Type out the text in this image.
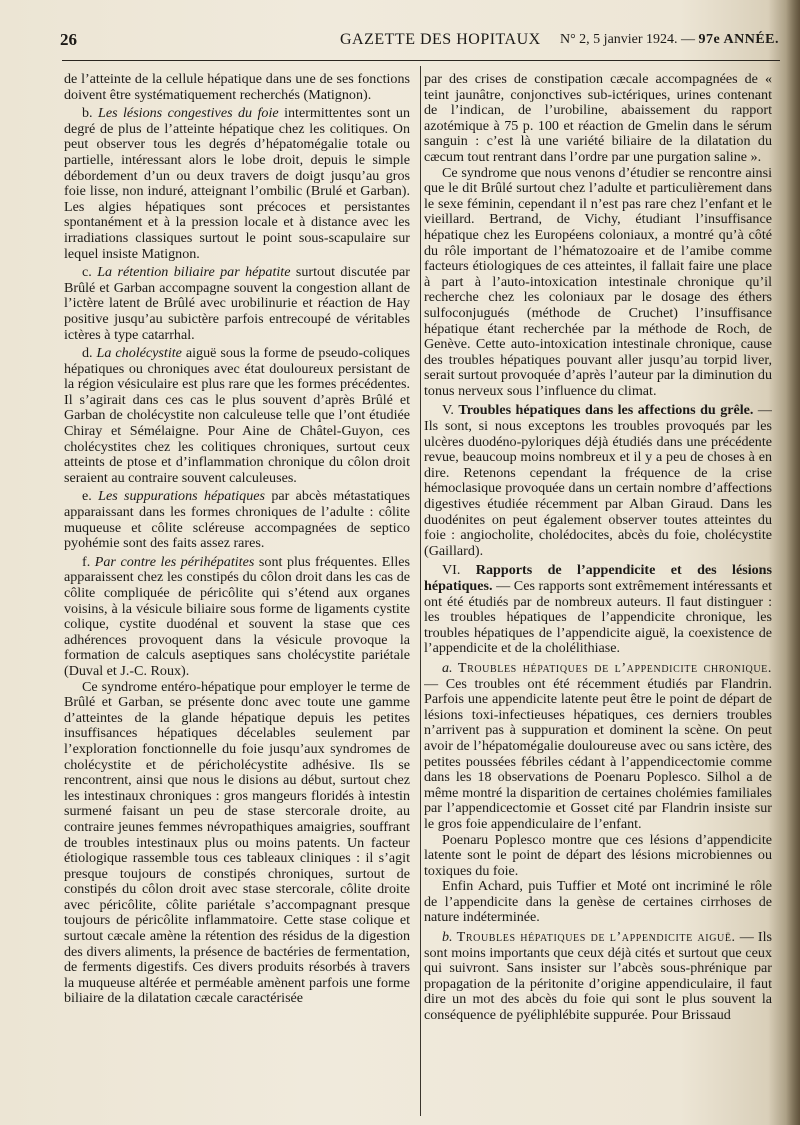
26	GAZETTE DES HOPITAUX N° 2, 5 janvier 1924. — 97e ANNÉE.

de l’atteinte de la cellule hépatique dans une de ses fonctions doivent être systématiquement recherchés (Matignon).

b. Les lésions congestives du foie intermittentes sont un degré de plus de l’atteinte hépatique chez les colitiques. On peut observer tous les degrés d’hépatomégalie totale ou partielle, intéressant alors le lobe droit, depuis le simple débordement d’un ou deux travers de doigt jusqu’au gros foie lisse, non induré, atteignant l’ombilic (Brulé et Garban). Les algies hépatiques sont précoces et persistantes spontanément et à la pression locale et à distance avec les irradiations classiques surtout le point sous-scapulaire sur lequel insiste Matignon.

c. La rétention biliaire par hépatite surtout discutée par Brûlé et Garban accompagne souvent la congestion allant de l’ictère latent de Brûlé avec urobilinurie et réaction de Hay positive jusqu’au subictère parfois entrecoupé de véritables ictères à type catarrhal.

d. La cholécystite aiguë sous la forme de pseudo-coliques hépatiques ou chroniques avec état douloureux persistant de la région vésiculaire est plus rare que les formes précédentes. Il s’agirait dans ces cas le plus souvent d’après Brûlé et Garban de cholécystite non calculeuse telle que l’ont étudiée Chiray et Sémélaigne. Pour Aine de Châtel-Guyon, ces cholécystites chez les colitiques chroniques, surtout ceux atteints de ptose et d’inflammation chronique du côlon droit seraient au contraire souvent calculeuses.

e. Les suppurations hépatiques par abcès métastatiques apparaissant dans les formes chroniques de l’adulte : côlite muqueuse et côlite scléreuse accompagnées de septico pyohémie sont des faits assez rares.

f. Par contre les périhépatites sont plus fréquentes. Elles apparaissent chez les constipés du côlon droit dans les cas de côlite compliquée de péricôlite qui s’étend aux organes voisins, à la vésicule biliaire sous forme de ligaments cystite colique, cystite duodénal et souvent la stase que ces adhérences provoquent dans la vésicule provoque la formation de calculs aseptiques sans cholécystite pariétale (Duval et J.-C. Roux).

Ce syndrome entéro-hépatique pour employer le terme de Brûlé et Garban, se présente donc avec toute une gamme d’atteintes de la glande hépatique depuis les petites insuffisances hépatiques décelables seulement par l’exploration fonctionnelle du foie jusqu’aux syndromes de cholécystite et de péricholécystite adhésive. Ils se rencontrent, ainsi que nous le disions au début, surtout chez les intestinaux chroniques : gros mangeurs floridés à intestin surmené faisant un peu de stase stercorale droite, au contraire jeunes femmes névropathiques amaigries, souffrant de troubles intestinaux plus ou moins patents. Un facteur étiologique rassemble tous ces tableaux cliniques : il s’agit presque toujours de constipés chroniques, surtout de constipés du côlon droit avec stase stercorale, côlite droite avec péricôlite, côlite pariétale s’accompagnant presque toujours de péricôlite inflammatoire. Cette stase colique et surtout cæcale amène la rétention des résidus de la digestion des divers aliments, la présence de bactéries de fermentation, de ferments digestifs. Ces divers produits résorbés à travers la muqueuse altérée et perméable amènent parfois une forme biliaire de la dilatation cæcale caractérisée

par des crises de constipation cæcale accompagnées de « teint jaunâtre, conjonctives sub-ictériques, urines contenant de l’indican, de l’urobiline, abaissement du rapport azotémique à 75 p. 100 et réaction de Gmelin dans le sérum sanguin : c’est là une variété biliaire de la dilatation du cæcum tout rentrant dans l’ordre par une purgation saline ».

Ce syndrome que nous venons d’étudier se rencontre ainsi que le dit Brûlé surtout chez l’adulte et particulièrement dans le sexe féminin, cependant il n’est pas rare chez l’enfant et le vieillard. Bertrand, de Vichy, étudiant l’insuffisance hépatique chez les Européens coloniaux, a montré qu’à côté du rôle important de l’hématozoaire et de l’amibe comme facteurs étiologiques de ces atteintes, il fallait faire une place à part à l’auto-intoxication intestinale chronique qu’il recherche chez les coloniaux par le dosage des éthers sulfoconjugués (méthode de Cruchet) l’insuffisance hépatique étant recherchée par la méthode de Roch, de Genève. Cette auto-intoxication intestinale chronique, cause des troubles hépatiques pouvant aller jusqu’au torpid liver, serait surtout provoquée d’après l’auteur par la diminution du tonus nerveux sous l’influence du climat.

V. Troubles hépatiques dans les affections du grêle. — Ils sont, si nous exceptons les troubles provoqués par les ulcères duodéno-pyloriques déjà étudiés dans une précédente revue, beaucoup moins nombreux et il y a peu de choses à en dire. Retenons cependant la fréquence de la crise hémoclasique provoquée dans un certain nombre d’affections digestives étudiée récemment par Alban Giraud. Dans les duodénites on peut également observer toutes atteintes du foie : angiocholite, cholédocites, abcès du foie, cholécystite (Gaillard).

VI. Rapports de l’appendicite et des lésions hépatiques. — Ces rapports sont extrêmement intéressants et ont été étudiés par de nombreux auteurs. Il faut distinguer : les troubles hépatiques de l’appendicite chronique, les troubles hépatiques de l’appendicite aiguë, la coexistence de l’appendicite et de la cholélithiase.

a. Troubles hépatiques de l’appendicite chronique. — Ces troubles ont été récemment étudiés par Flandrin. Parfois une appendicite latente peut être le point de départ de lésions toxi-infectieuses hépatiques, ces derniers troubles n’arrivent pas à suppuration et dominent la scène. On peut avoir de l’hépatomégalie douloureuse avec ou sans ictère, des petites poussées fébriles cédant à l’appendicectomie comme dans les 18 observations de Poenaru Poplesco. Silhol a de même montré la disparition de certaines cholémies familiales par l’appendicectomie et Gosset cité par Flandrin insiste sur le gros foie appendiculaire de l’enfant.

Poenaru Poplesco montre que ces lésions d’appendicite latente sont le point de départ des lésions microbiennes ou toxiques du foie.

Enfin Achard, puis Tuffier et Moté ont incriminé le rôle de l’appendicite dans la genèse de certaines cirrhoses de nature indéterminée.

b. Troubles hépatiques de l’appendicite aiguë. — Ils sont moins importants que ceux déjà cités et surtout que ceux qui suivront. Sans insister sur l’abcès sous-phrénique par propagation de la péritonite d’origine appendiculaire, il faut dire un mot des abcès du foie qui sont le plus souvent la conséquence de pyéliphlébite suppurée. Pour Brissaud
